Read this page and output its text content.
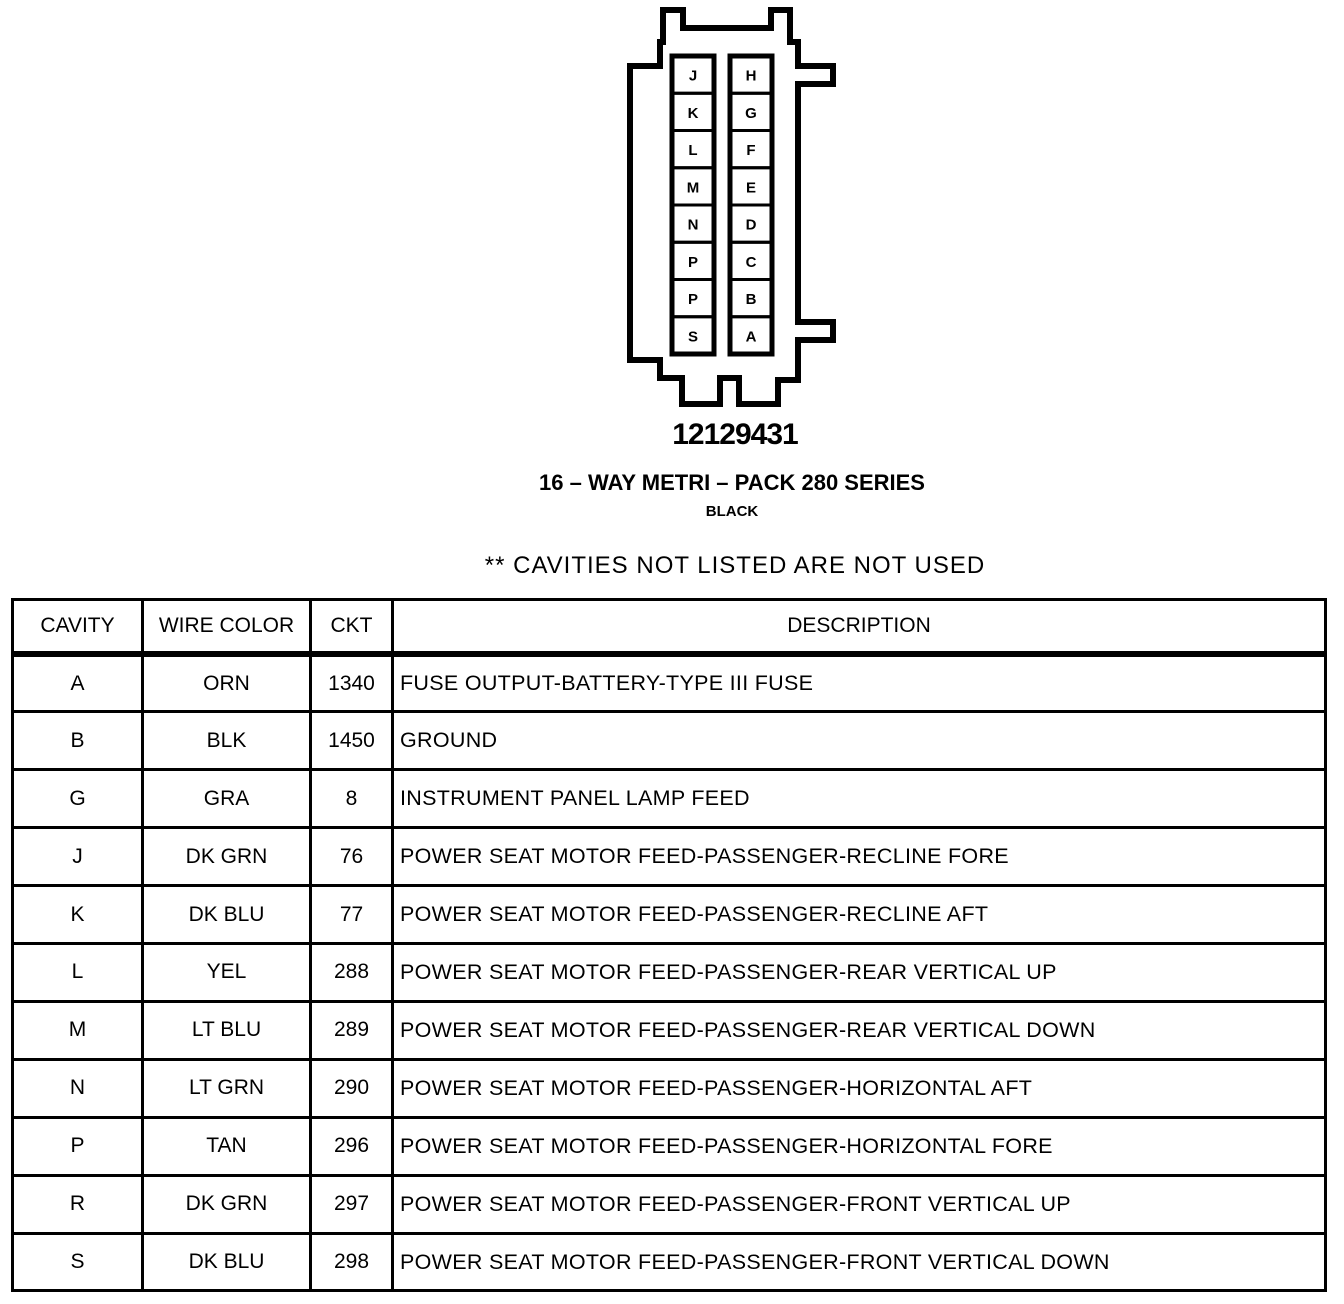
J
K
L
M
N
P
P
S
H
G
F
E
D
C
B
A
12129431
16 – WAY METRI – PACK 280 SERIES
BLACK
** CAVITIES NOT LISTED ARE NOT USED
CAVITY	WIRE COLOR	CKT	DESCRIPTION
A	ORN	1340	FUSE OUTPUT-BATTERY-TYPE III FUSE
B	BLK	1450	GROUND
G	GRA	8	INSTRUMENT PANEL LAMP FEED
J	DK GRN	76	POWER SEAT MOTOR FEED-PASSENGER-RECLINE FORE
K	DK BLU	77	POWER SEAT MOTOR FEED-PASSENGER-RECLINE AFT
L	YEL	288	POWER SEAT MOTOR FEED-PASSENGER-REAR VERTICAL UP
M	LT BLU	289	POWER SEAT MOTOR FEED-PASSENGER-REAR VERTICAL DOWN
N	LT GRN	290	POWER SEAT MOTOR FEED-PASSENGER-HORIZONTAL AFT
P	TAN	296	POWER SEAT MOTOR FEED-PASSENGER-HORIZONTAL FORE
R	DK GRN	297	POWER SEAT MOTOR FEED-PASSENGER-FRONT VERTICAL UP
S	DK BLU	298	POWER SEAT MOTOR FEED-PASSENGER-FRONT VERTICAL DOWN
